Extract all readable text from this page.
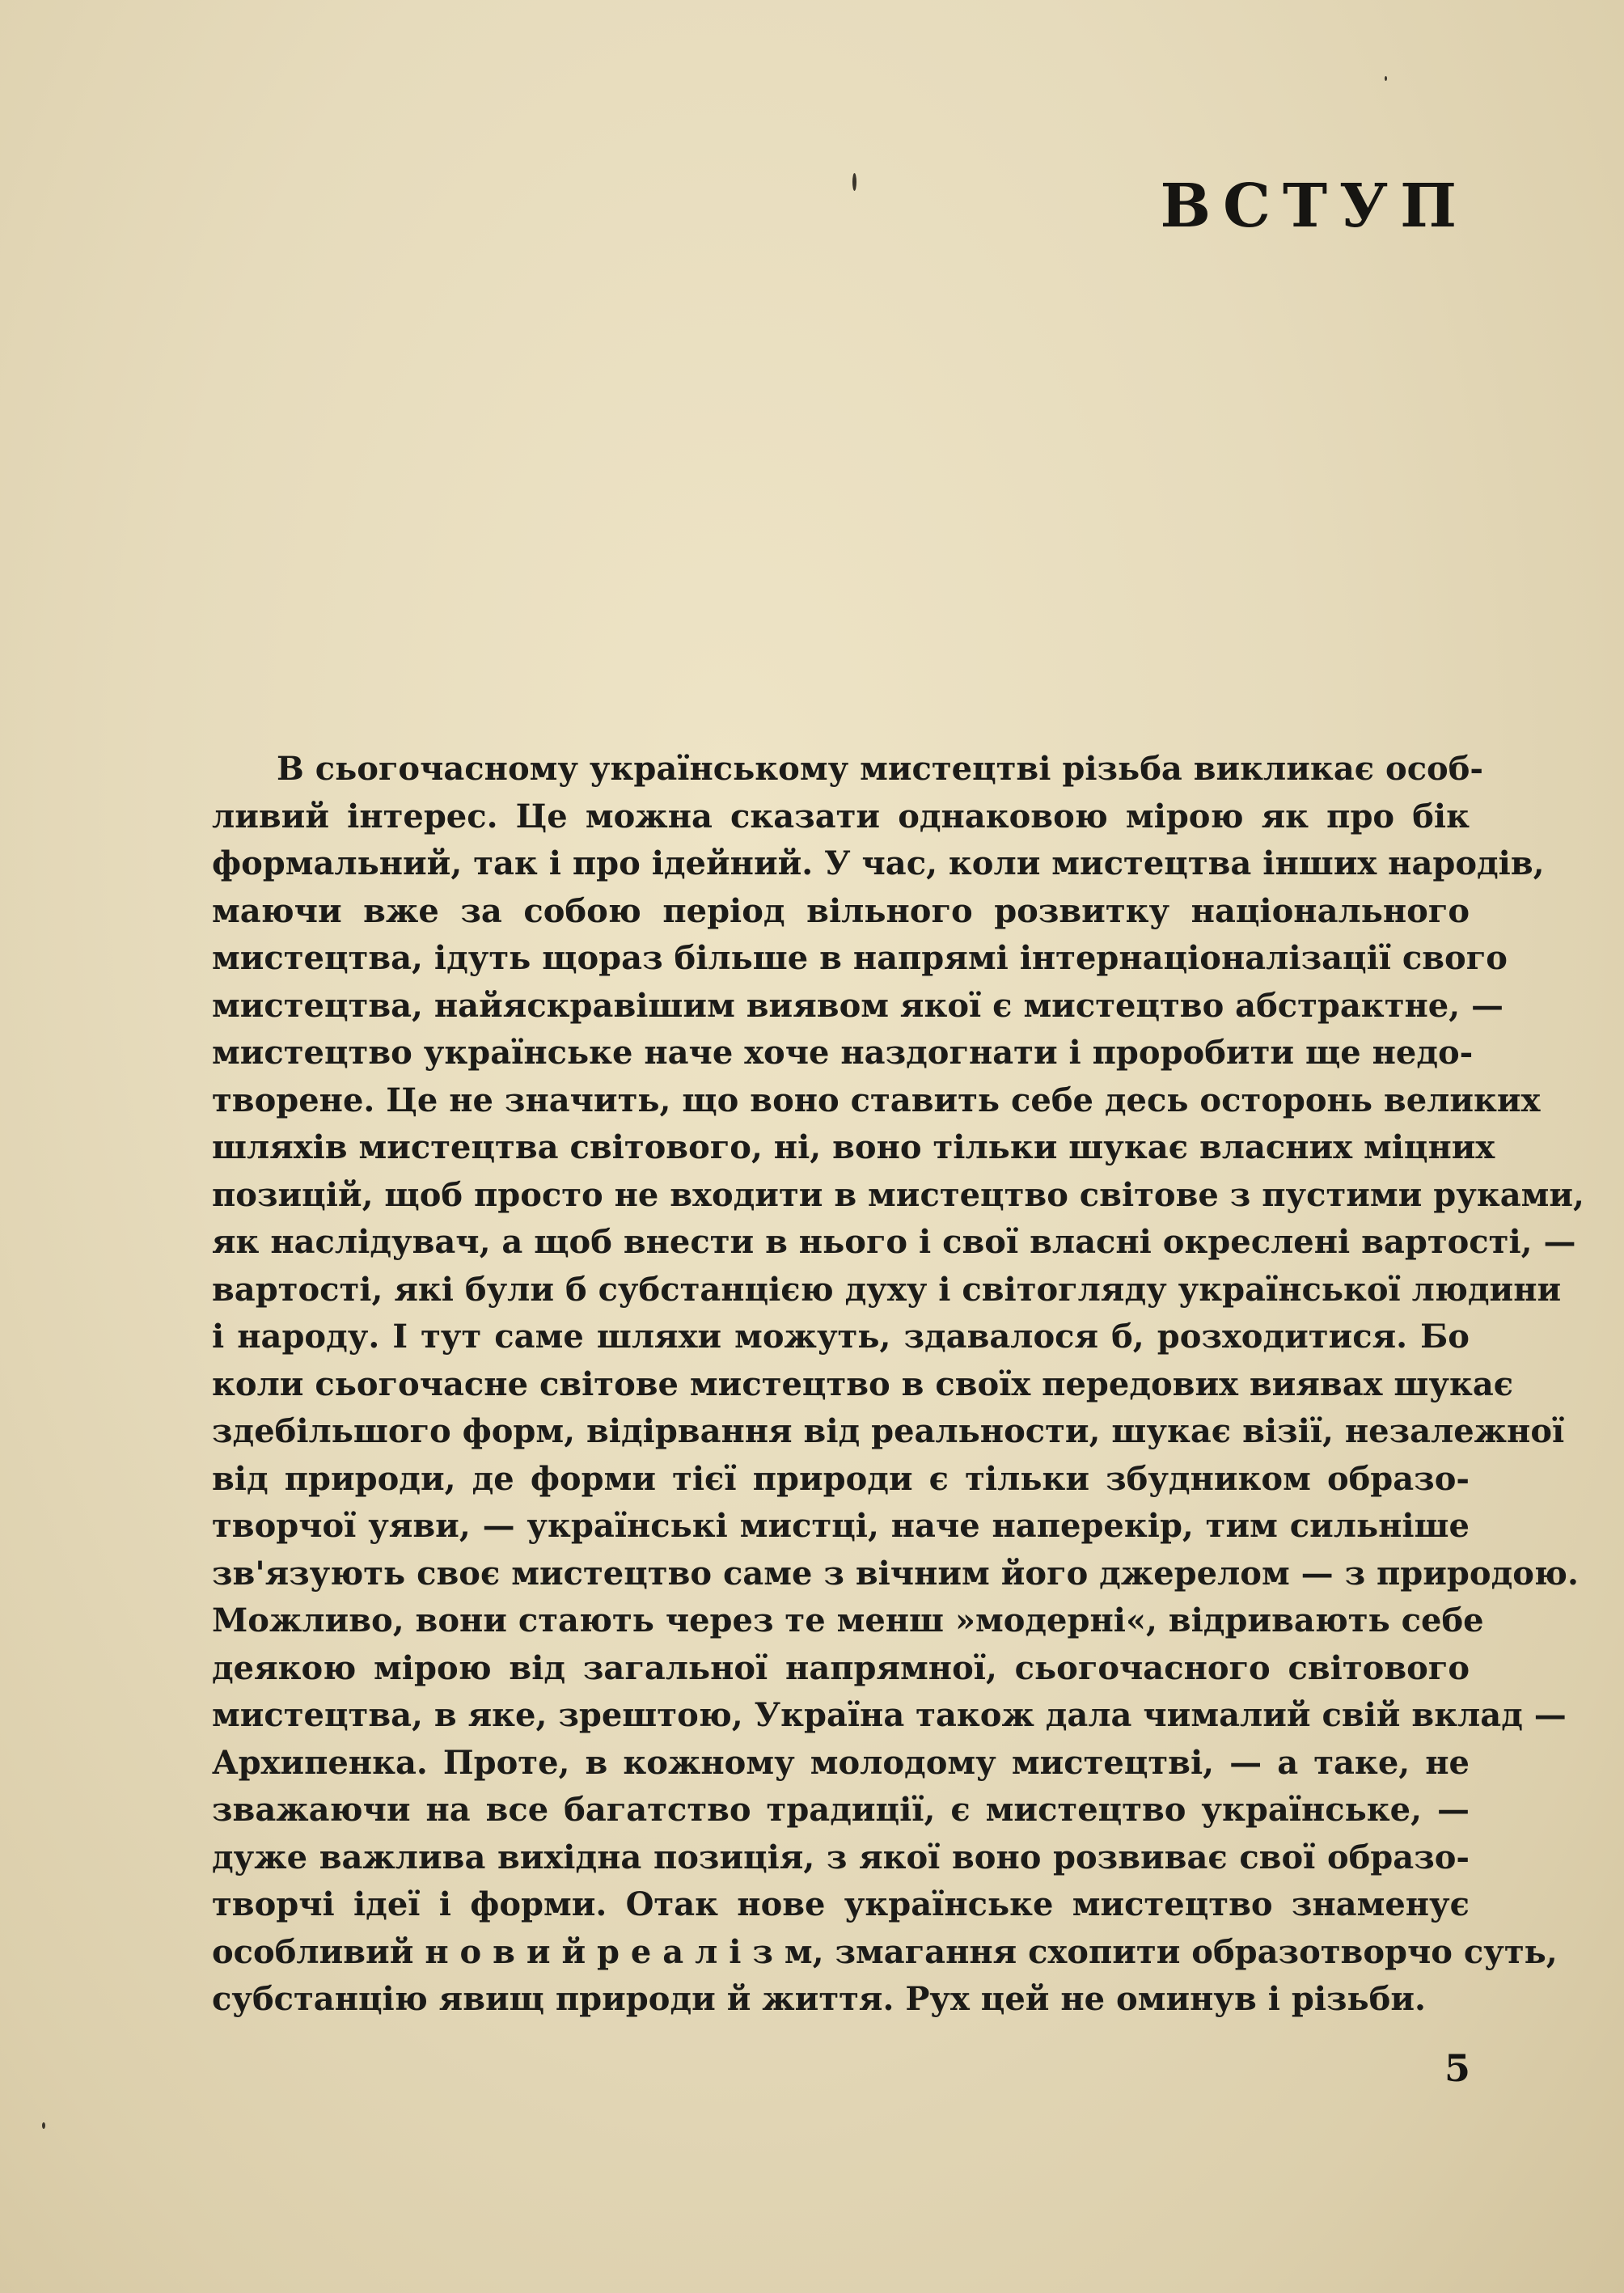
ВСТУП
В сьогочасному українському мистецтві різьба викликає особ-
ливий інтерес. Це можна сказати однаковою мірою як про бік
формальний, так і про ідейний. У час, коли мистецтва інших народів,
маючи вже за собою період вільного розвитку національного
мистецтва, ідуть щораз більше в напрямі інтернаціоналізації свого
мистецтва, найяскравішим виявом якої є мистецтво абстрактне, —
мистецтво українське наче хоче наздогнати і проробити ще недо-
творене. Це не значить, що воно ставить себе десь осторонь великих
шляхів мистецтва світового, ні, воно тільки шукає власних міцних
позицій, щоб просто не входити в мистецтво світове з пустими руками,
як наслідувач, а щоб внести в нього і свої власні окреслені вартості, —
вартості, які були б субстанцією духу і світогляду української людини
і народу. І тут саме шляхи можуть, здавалося б, розходитися. Бо
коли сьогочасне світове мистецтво в своїх передових виявах шукає
здебільшого форм, відірвання від реальности, шукає візії, незалежної
від природи, де форми тієї природи є тільки збудником образо-
творчої уяви, — українські мистці, наче наперекір, тим сильніше
зв'язують своє мистецтво саме з вічним його джерелом — з природою.
Можливо, вони стають через те менш »модерні«, відривають себе
деякою мірою від загальної напрямної, сьогочасного світового
мистецтва, в яке, зрештою, Україна також дала чималий свій вклад —
Архипенка. Проте, в кожному молодому мистецтві, — а таке, не
зважаючи на все багатство традиції, є мистецтво українське, —
дуже важлива вихідна позиція, з якої воно розвиває свої образо-
творчі ідеї і форми. Отак нове українське мистецтво знаменує
особливий н о в и й р е а л і з м, змагання схопити образотворчо суть,
субстанцію явищ природи й життя. Рух цей не оминув і різьби.
5
